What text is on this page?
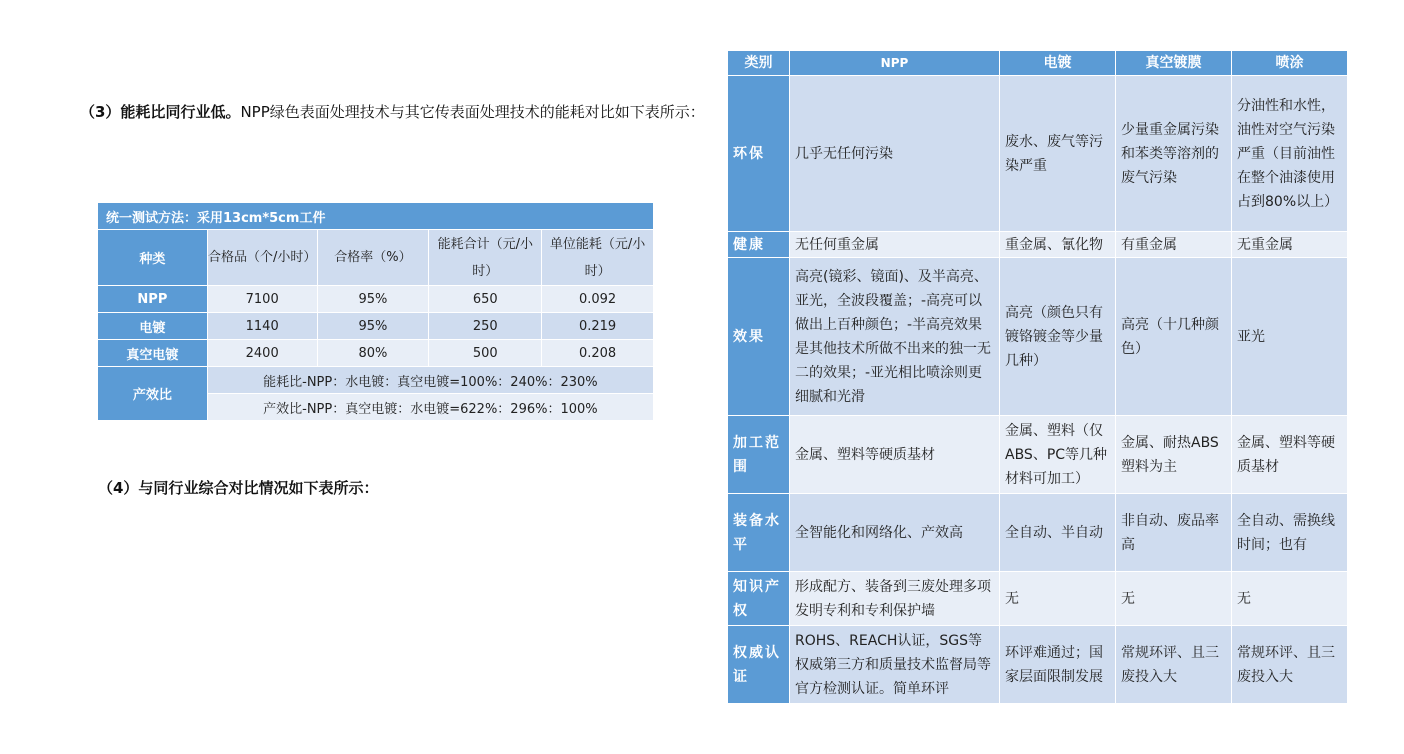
（3）能耗比同行业低。NPP绿色表面处理技术与其它传表面处理技术的能耗对比如下表所示：
统一测试方法：采用13cm*5cm工件				
种类	合格品（个/小时）	合格率（%）	能耗合计（元/小时）	单位能耗（元/小时）
NPP	7100	95%	650	0.092
电镀	1140	95%	250	0.219
真空电镀	2400	80%	500	0.208
产效比	能耗比-NPP：水电镀：真空电镀=100%：240%：230%			
	产效比-NPP：真空电镀：水电镀=622%：296%：100%			
（4）与同行业综合对比情况如下表所示：
类别	NPP	电镀	真空镀膜	喷涂
环保	几乎无任何污染	废水、废气等污染严重	少量重金属污染和苯类等溶剂的废气污染	分油性和水性，油性对空气污染严重（目前油性在整个油漆使用占到80%以上）
健康	无任何重金属	重金属、氰化物	有重金属	无重金属
效果	高亮(镜彩、镜面)、及半高亮、亚光，全波段覆盖；-高亮可以做出上百种颜色；-半高亮效果是其他技术所做不出来的独一无二的效果；-亚光相比喷涂则更细腻和光滑	高亮（颜色只有镀铬镀金等少量几种）	高亮（十几种颜色）	亚光
加工范围	金属、塑料等硬质基材	金属、塑料（仅ABS、PC等几种材料可加工）	金属、耐热ABS塑料为主	金属、塑料等硬质基材
装备水平	全智能化和网络化、产效高	全自动、半自动	非自动、废品率高	全自动、需换线时间；也有
知识产权	形成配方、装备到三废处理多项发明专利和专利保护墙	无	无	无
权威认证	ROHS、REACH认证，SGS等权威第三方和质量技术监督局等官方检测认证。简单环评	环评难通过；国家层面限制发展	常规环评、且三废投入大	常规环评、且三废投入大
